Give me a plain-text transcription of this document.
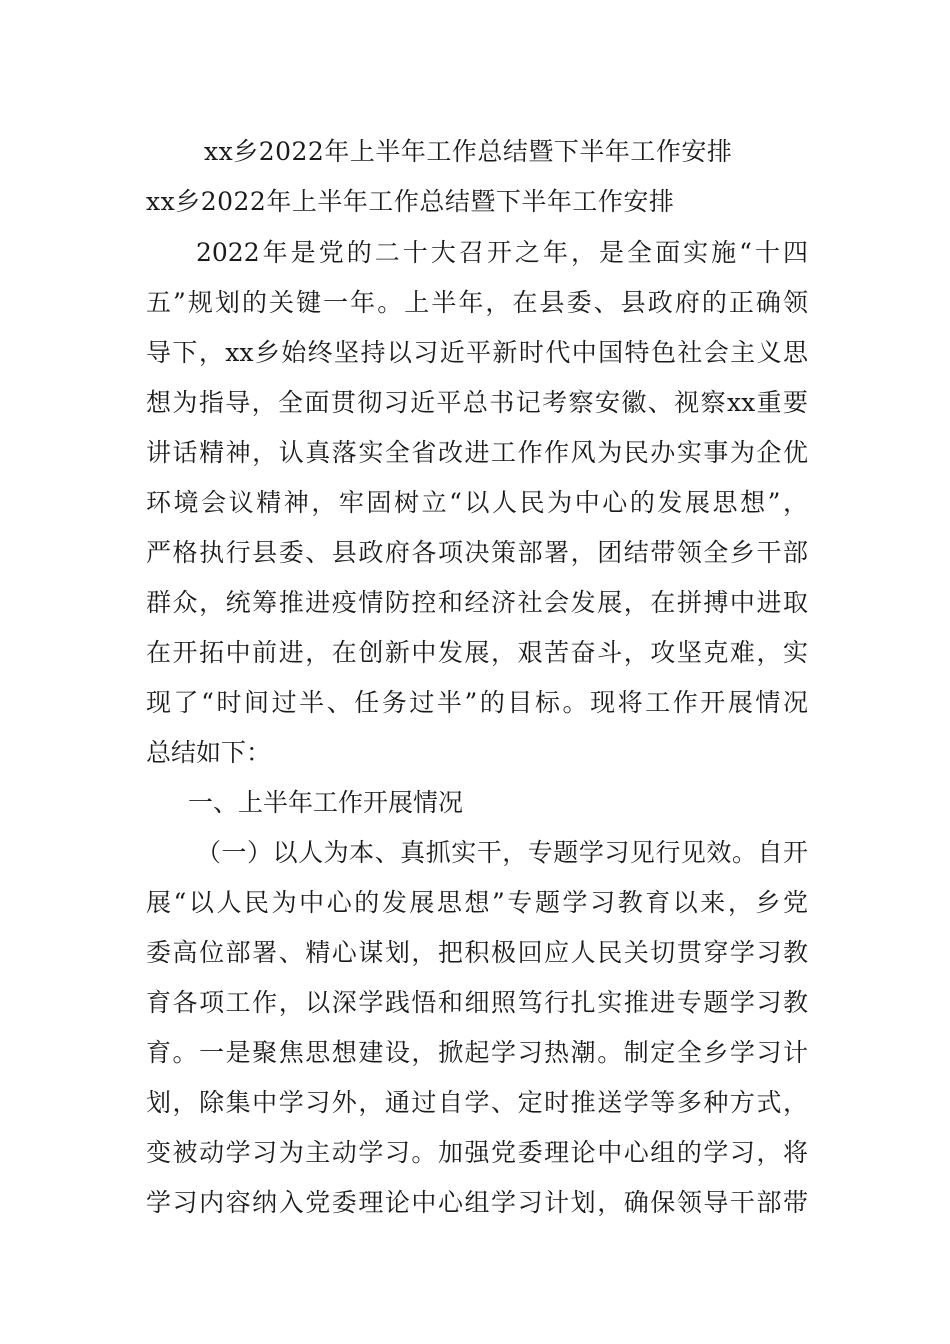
xx乡2022年上半年工作总结暨下半年工作安排
xx乡2022年上半年工作总结暨下半年工作安排
2022年是党的二十大召开之年，是全面实施“十四
五”规划的关键一年。上半年，在县委、县政府的正确领
导下，xx乡始终坚持以习近平新时代中国特色社会主义思
想为指导，全面贯彻习近平总书记考察安徽、视察xx重要
讲话精神，认真落实全省改进工作作风为民办实事为企优
环境会议精神，牢固树立“以人民为中心的发展思想”，
严格执行县委、县政府各项决策部署，团结带领全乡干部
群众，统筹推进疫情防控和经济社会发展，在拼搏中进取
在开拓中前进，在创新中发展，艰苦奋斗，攻坚克难，实
现了“时间过半、任务过半”的目标。现将工作开展情况
总结如下：
一、上半年工作开展情况
（一）以人为本、真抓实干，专题学习见行见效。自开
展“以人民为中心的发展思想”专题学习教育以来，乡党
委高位部署、精心谋划，把积极回应人民关切贯穿学习教
育各项工作，以深学践悟和细照笃行扎实推进专题学习教
育。一是聚焦思想建设，掀起学习热潮。制定全乡学习计
划，除集中学习外，通过自学、定时推送学等多种方式，
变被动学习为主动学习。加强党委理论中心组的学习，将
学习内容纳入党委理论中心组学习计划，确保领导干部带
